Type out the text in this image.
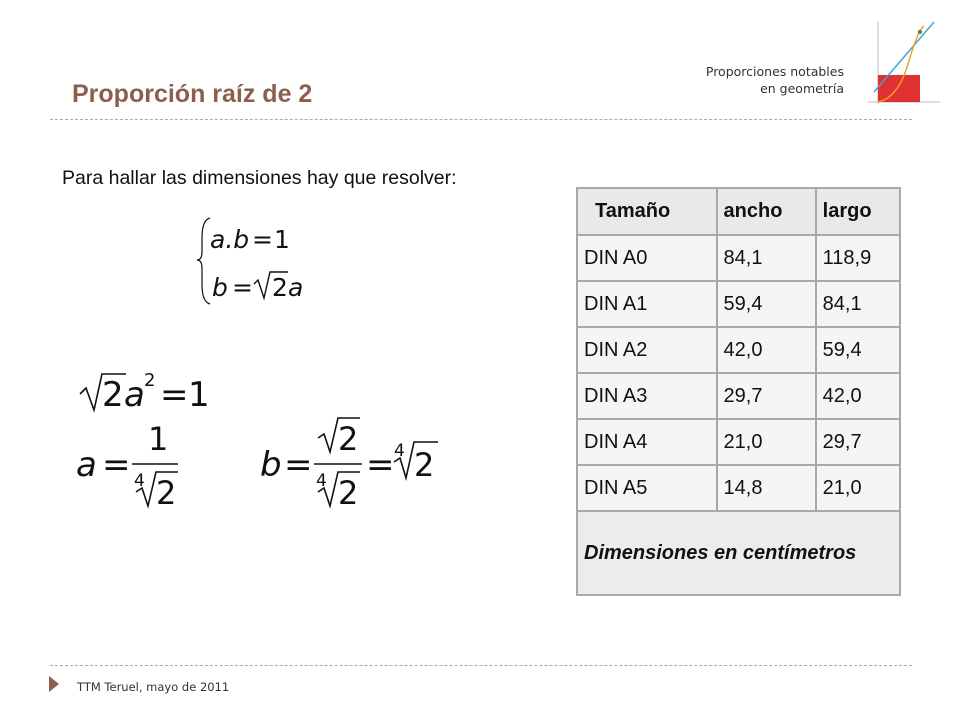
Proporción raíz de 2
Proporciones notables
en geometría

Para hallar las dimensiones hay que resolver:

a.b = 1
b = 2 a
2 a 2 = 1
a =
1
4 2
b =
2
4 2
= 4 2
Tamaño	ancho	largo
DIN A0	84,1	118,9
DIN A1	59,4	84,1
DIN A2	42,0	59,4
DIN A3	29,7	42,0
DIN A4	21,0	29,7
DIN A5	14,8	21,0
Dimensiones en centímetros		
TTM Teruel, mayo de 2011
